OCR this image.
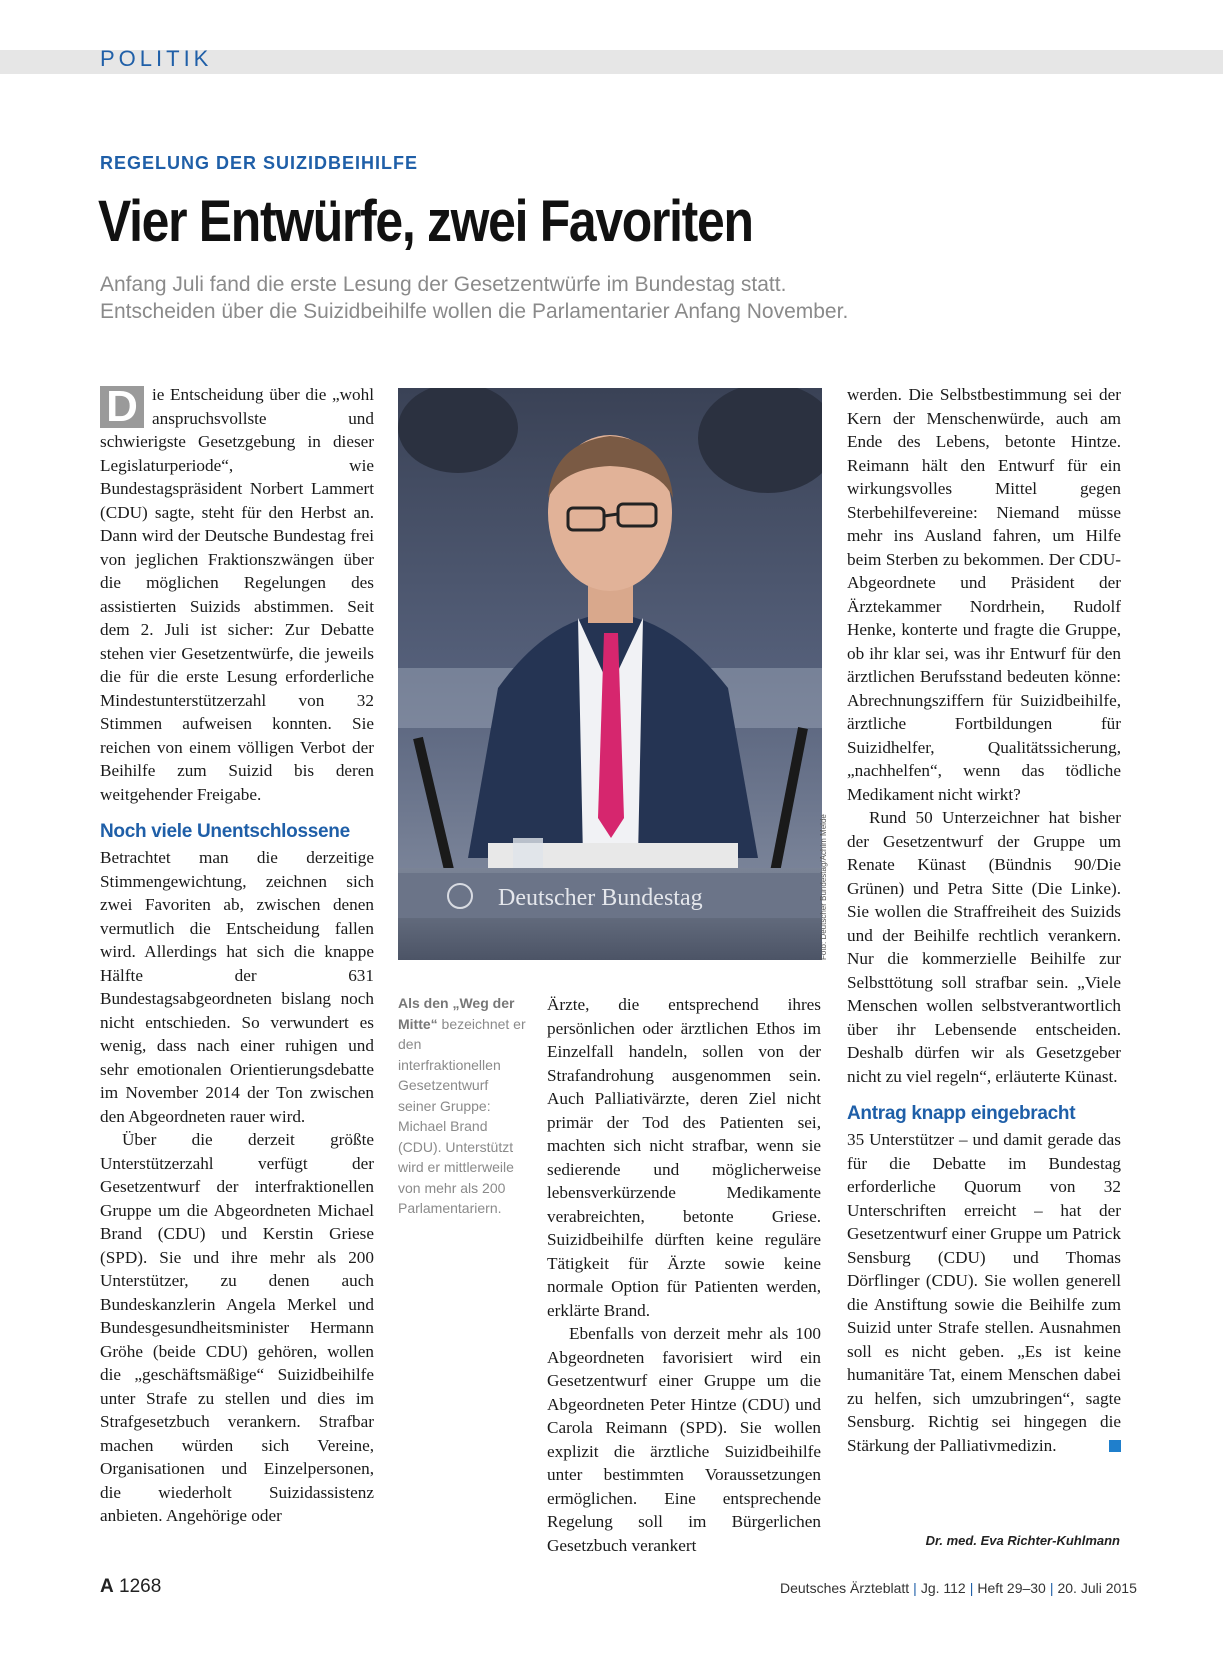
POLITIK
REGELUNG DER SUIZIDBEIHILFE
Vier Entwürfe, zwei Favoriten
Anfang Juli fand die erste Lesung der Gesetzentwürfe im Bundestag statt.
Entscheiden über die Suizidbeihilfe wollen die Parlamentarier Anfang November.

D ie Entscheidung über die „wohl anspruchsvollste und schwierigste Gesetzgebung in dieser Legislaturperiode“, wie Bundestagspräsident Norbert Lammert (CDU) sagte, steht für den Herbst an. Dann wird der Deutsche Bundestag frei von jeglichen Fraktionszwängen über die möglichen Regelungen des assistierten Suizids abstimmen. Seit dem 2. Juli ist sicher: Zur Debatte stehen vier Gesetzentwürfe, die jeweils die für die erste Lesung erforderliche Mindestunterstützerzahl von 32 Stimmen aufweisen konnten. Sie reichen von einem völligen Verbot der Beihilfe zum Suizid bis deren weitgehender Freigabe.

Noch viele Unentschlossene

Betrachtet man die derzeitige Stimmengewichtung, zeichnen sich zwei Favoriten ab, zwischen denen vermutlich die Entscheidung fallen wird. Allerdings hat sich die knappe Hälfte der 631 Bundestagsabgeordneten bislang noch nicht entschieden. So verwundert es wenig, dass nach einer ruhigen und sehr emotionalen Orientierungsdebatte im November 2014 der Ton zwischen den Abgeordneten rauer wird.

Über die derzeit größte Unterstützerzahl verfügt der Gesetzentwurf der interfraktionellen Gruppe um die Abgeordneten Michael Brand (CDU) und Kerstin Griese (SPD). Sie und ihre mehr als 200 Unterstützer, zu denen auch Bundeskanzlerin Angela Merkel und Bundesgesundheitsminister Hermann Gröhe (beide CDU) gehören, wollen die „geschäftsmäßige“ Suizidbeihilfe unter Strafe zu stellen und dies im Strafgesetzbuch verankern. Strafbar machen würden sich Vereine, Organisationen und Einzelpersonen, die wiederholt Suizidassistenz anbieten. Angehörige oder

Deutscher Bundestag	Foto: Deutscher Bundestag/Achim Melde
Als den „Weg der Mitte“ bezeichnet er den interfraktionellen Gesetzentwurf seiner Gruppe: Michael Brand (CDU). Unterstützt wird er mittlerweile von mehr als 200 Parlamentariern.

Ärzte, die entsprechend ihres persönlichen oder ärztlichen Ethos im Einzelfall handeln, sollen von der Strafandrohung ausgenommen sein. Auch Palliativärzte, deren Ziel nicht primär der Tod des Patienten sei, machten sich nicht strafbar, wenn sie sedierende und möglicherweise lebensverkürzende Medikamente verabreichten, betonte Griese. Suizidbeihilfe dürften keine reguläre Tätigkeit für Ärzte sowie keine normale Option für Patienten werden, erklärte Brand.

Ebenfalls von derzeit mehr als 100 Abgeordneten favorisiert wird ein Gesetzentwurf einer Gruppe um die Abgeordneten Peter Hintze (CDU) und Carola Reimann (SPD). Sie wollen explizit die ärztliche Suizidbeihilfe unter bestimmten Voraussetzungen ermöglichen. Eine entsprechende Regelung soll im Bürgerlichen Gesetzbuch verankert

werden. Die Selbstbestimmung sei der Kern der Menschenwürde, auch am Ende des Lebens, betonte Hintze. Reimann hält den Entwurf für ein wirkungsvolles Mittel gegen Sterbehilfevereine: Niemand müsse mehr ins Ausland fahren, um Hilfe beim Sterben zu bekommen. Der CDU-Abgeordnete und Präsident der Ärztekammer Nordrhein, Rudolf Henke, konterte und fragte die Gruppe, ob ihr klar sei, was ihr Entwurf für den ärztlichen Berufsstand bedeuten könne: Abrechnungsziffern für Suizidbeihilfe, ärztliche Fortbildungen für Suizidhelfer, Qualitätssicherung, „nachhelfen“, wenn das tödliche Medikament nicht wirkt?

Rund 50 Unterzeichner hat bisher der Gesetzentwurf der Gruppe um Renate Künast (Bündnis 90/Die Grünen) und Petra Sitte (Die Linke). Sie wollen die Straffreiheit des Suizids und der Beihilfe rechtlich verankern. Nur die kommerzielle Beihilfe zur Selbsttötung soll strafbar sein. „Viele Menschen wollen selbstverantwortlich über ihr Lebensende entscheiden. Deshalb dürfen wir als Gesetzgeber nicht zu viel regeln“, erläuterte Künast.

Antrag knapp eingebracht

35 Unterstützer – und damit gerade das für die Debatte im Bundestag erforderliche Quorum von 32 Unterschriften erreicht – hat der Gesetzentwurf einer Gruppe um Patrick Sensburg (CDU) und Thomas Dörflinger (CDU). Sie wollen generell die Anstiftung sowie die Beihilfe zum Suizid unter Strafe stellen. Ausnahmen soll es nicht geben. „Es ist keine humanitäre Tat, einem Menschen dabei zu helfen, sich umzubringen“, sagte Sensburg. Richtig sei hingegen die Stärkung der Palliativmedizin.

Dr. med. Eva Richter-Kuhlmann
A 1268	Deutsches Ärzteblatt | Jg. 112 | Heft 29–30 | 20. Juli 2015
